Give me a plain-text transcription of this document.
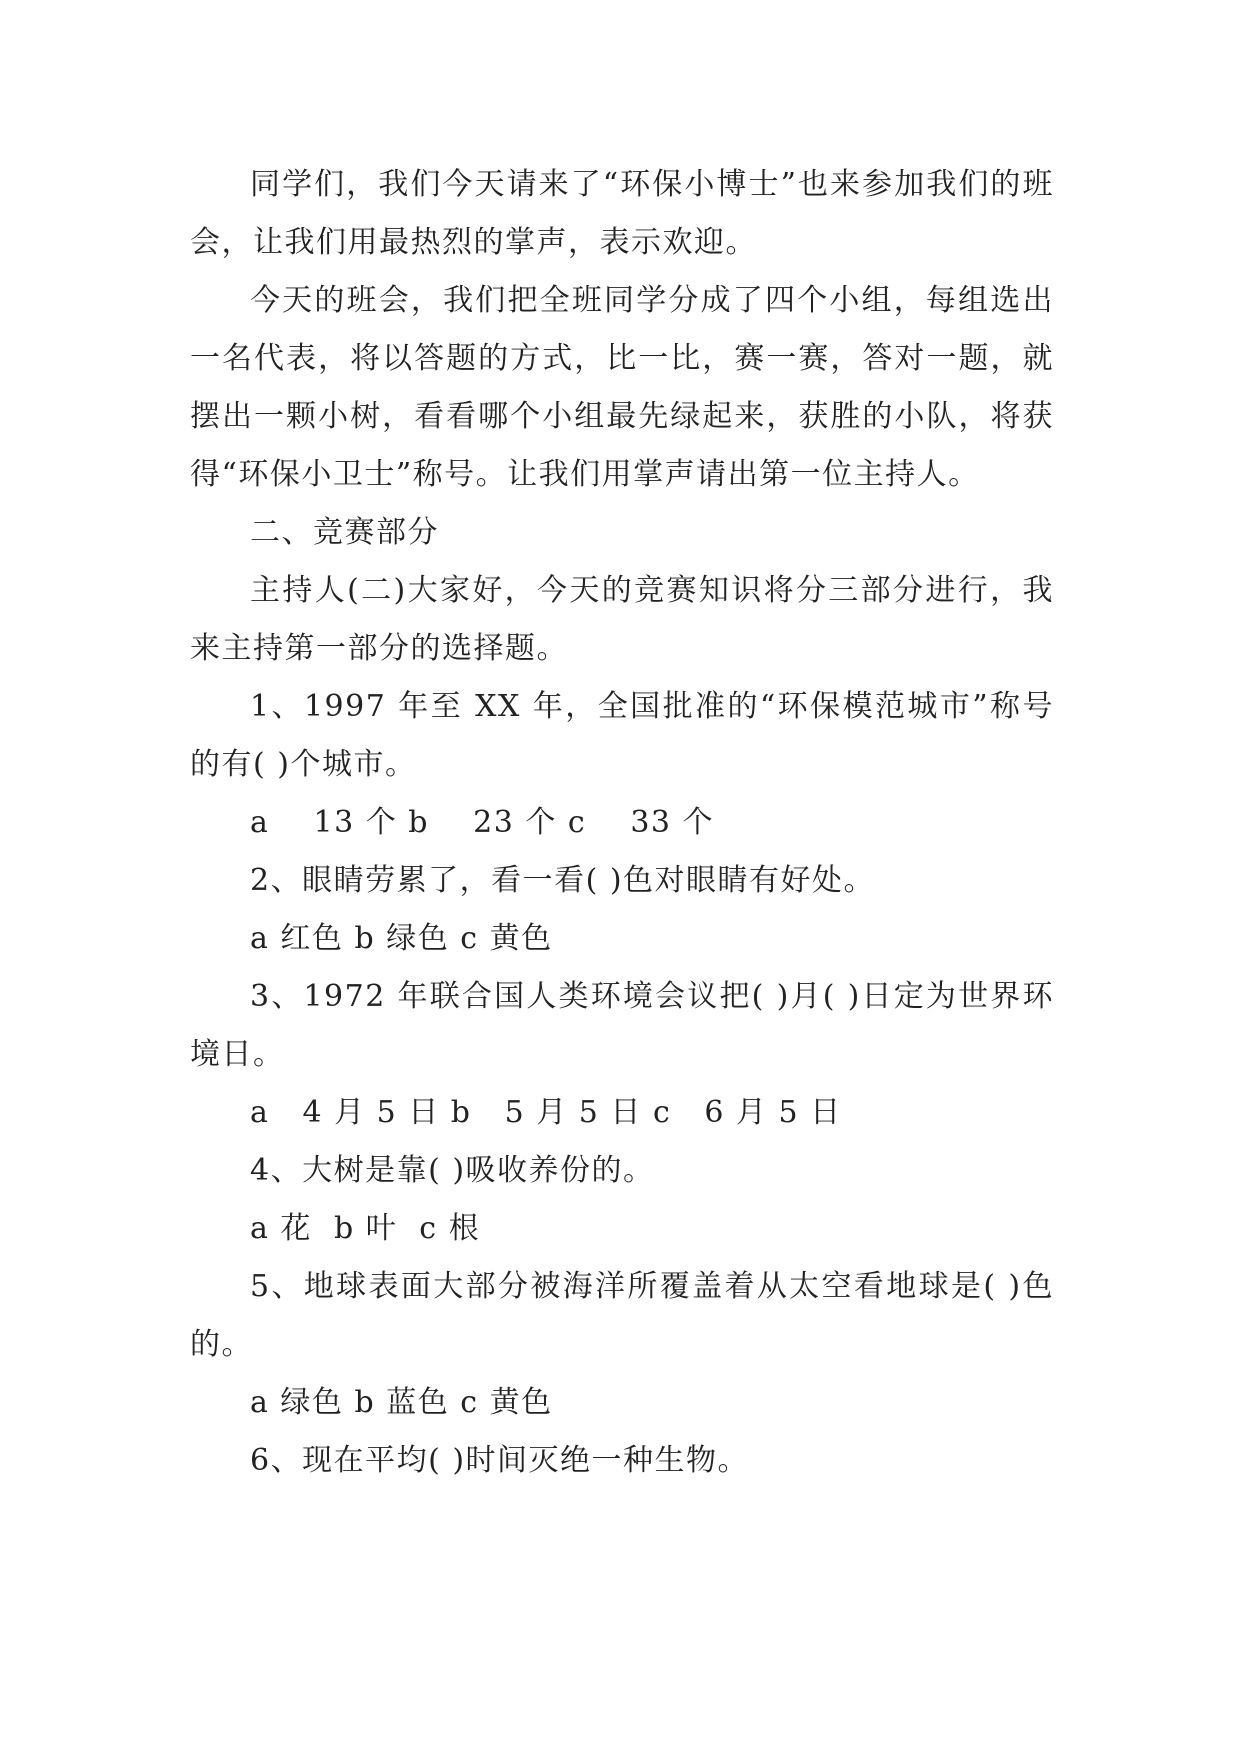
同学们，我们今天请来了“环保小博士”也来参加我们的班会，让我们用最热烈的掌声，表示欢迎。

今天的班会，我们把全班同学分成了四个小组，每组选出一名代表，将以答题的方式，比一比，赛一赛，答对一题，就摆出一颗小树，看看哪个小组最先绿起来，获胜的小队，将获得“环保小卫士”称号。让我们用掌声请出第一位主持人。

二、竞赛部分

主持人(二)大家好，今天的竞赛知识将分三部分进行，我来主持第一部分的选择题。

1、1997 年至 XX 年，全国批准的“环保模范城市”称号的有( )个城市。

a    13 个 b    23 个 c    33 个

2、眼睛劳累了，看一看( )色对眼睛有好处。

a 红色 b 绿色 c 黄色

3、1972 年联合国人类环境会议把( )月( )日定为世界环境日。

a   4 月 5 日 b   5 月 5 日 c   6 月 5 日

4、大树是靠( )吸收养份的。

a 花  b 叶  c 根

5、地球表面大部分被海洋所覆盖着从太空看地球是( )色的。

a 绿色 b 蓝色 c 黄色

6、现在平均( )时间灭绝一种生物。
